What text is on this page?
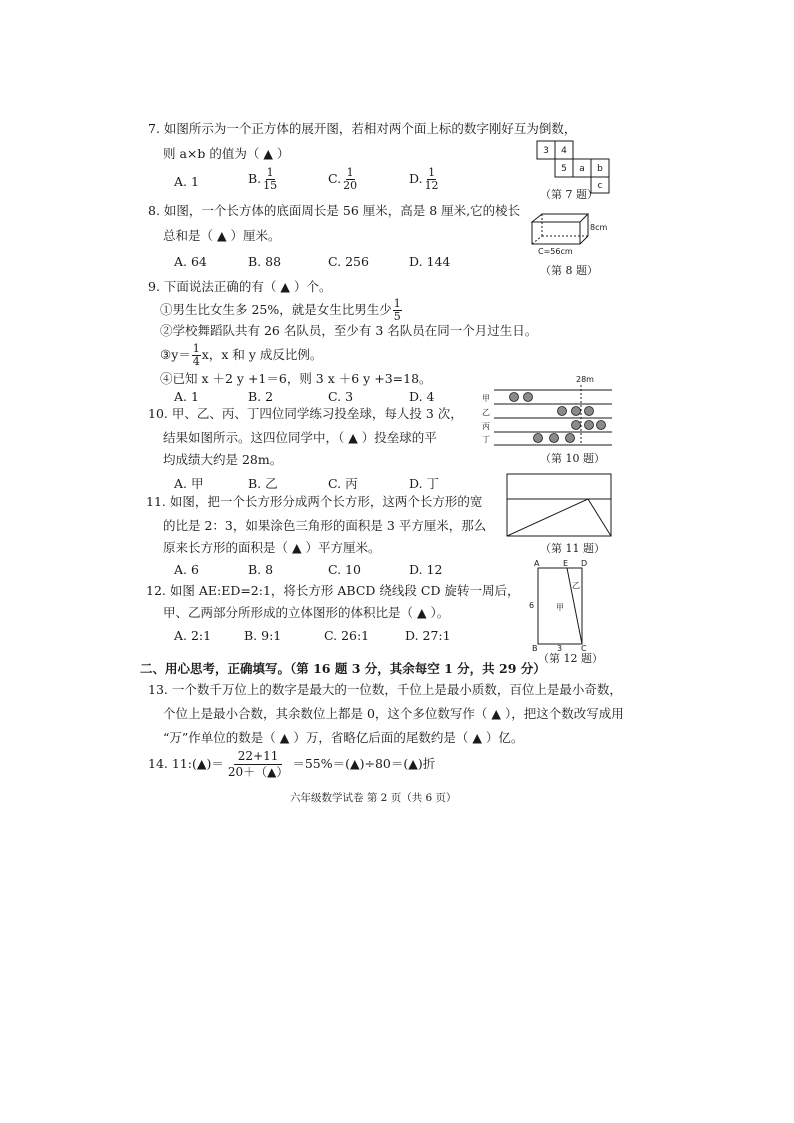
7. 如图所示为一个正方体的展开图，若相对两个面上标的数字刚好互为倒数，
则 a×b 的值为（ ▲ ）
A. 1	B. $\frac{1}{15}$	C. $\frac{1}{20}$	D. $\frac{1}{12}$
3 4
5 a b
c
（第 7 题）
8. 如图，一个长方体的底面周长是 56 厘米，高是 8 厘米,它的棱长
总和是（ ▲ ）厘米。
A. 64	B. 88	C. 256	D. 144
8cm
C=56cm
（第 8 题）
9. 下面说法正确的有（ ▲ ）个。
①男生比女生多 25%，就是女生比男生少 $\frac{1}{5}$
②学校舞蹈队共有 26 名队员，至少有 3 名队员在同一个月过生日。
③y＝ $\frac{1}{4}$ x，x 和 y 成反比例。
④已知 x ＋2 y +1＝6，则 3 x ＋6 y +3=18。
A. 1	B. 2	C. 3	D. 4
10. 甲、乙、丙、丁四位同学练习投垒球，每人投 3 次，
结果如图所示。这四位同学中，（ ▲ ）投垒球的平
均成绩大约是 28m。
A. 甲	B. 乙	C. 丙	D. 丁
28m
甲
乙
丙
丁
（第 10 题）
11. 如图，把一个长方形分成两个长方形，这两个长方形的宽
的比是 2：3，如果涂色三角形的面积是 3 平方厘米，那么
原来长方形的面积是（ ▲ ）平方厘米。
A. 6	B. 8	C. 10	D. 12
（第 11 题）
12. 如图 AE:ED=2:1，将长方形 ABCD 绕线段 CD 旋转一周后，
甲、乙两部分所形成的立体图形的体积比是（ ▲ ）。
A. 2:1	B. 9:1	C. 26:1	D. 27:1
A	E D
B	C
6
3
甲
乙
（第 12 题）
二、用心思考，正确填写。（第 16 题 3 分，其余每空 1 分，共 29 分）
13. 一个数千万位上的数字是最大的一位数，千位上是最小质数，百位上是最小奇数，
个位上是最小合数，其余数位上都是 0，这个多位数写作（ ▲ ），把这个数改写成用
“万”作单位的数是（ ▲ ）万，省略亿后面的尾数约是（ ▲ ）亿。
14. 11:(▲)＝ $\frac{22+11}{20+(▲)}$ ＝55%＝(▲)÷80＝(▲)折
六年级数学试卷 第 2 页（共 6 页）
